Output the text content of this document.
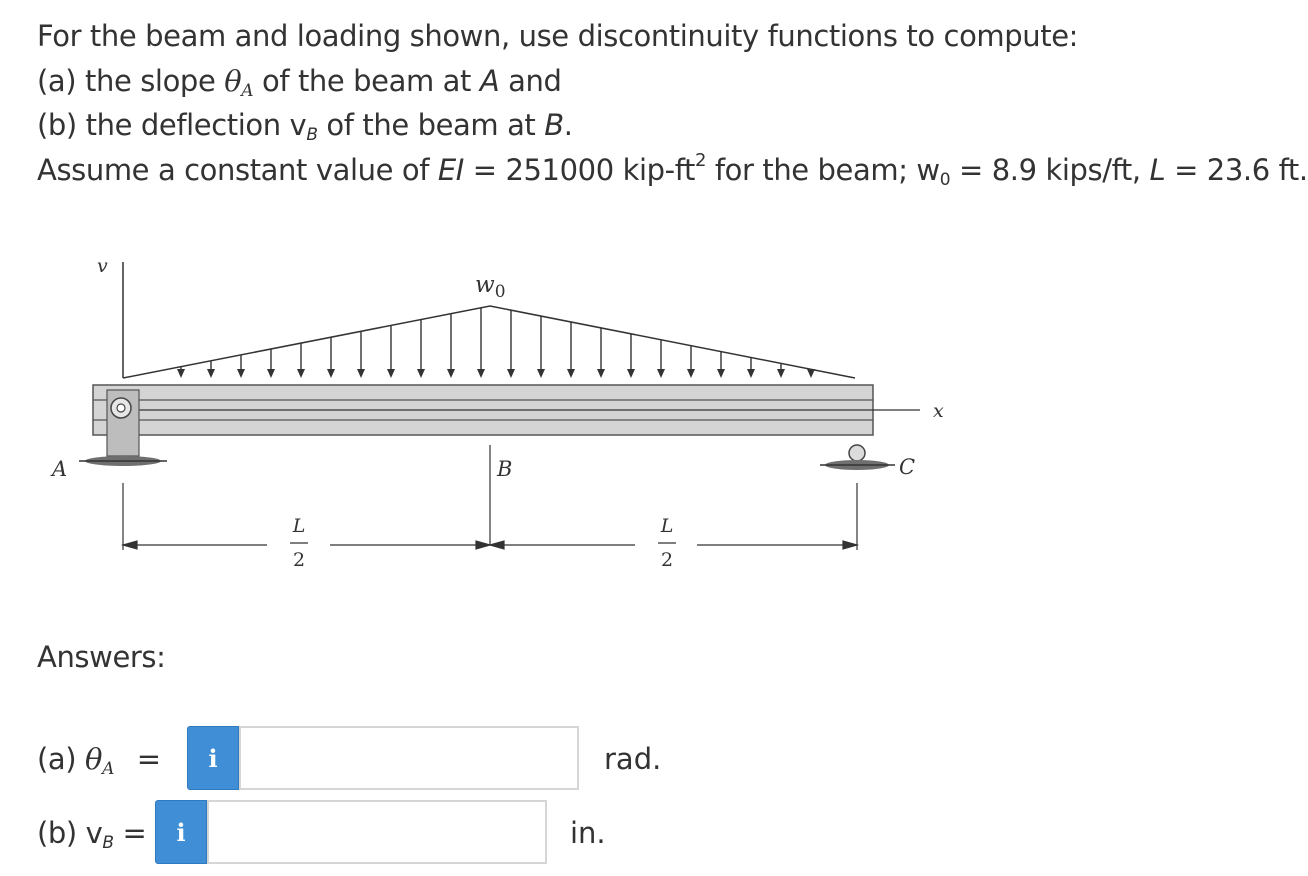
For the beam and loading shown, use discontinuity functions to compute:
(a) the slope $\theta_A$ of the beam at A and
(b) the deflection $v_B$ of the beam at B.
Assume a constant value of EI = 251000 kip-$ft^2$ for the beam; $w_0 = 8.9$ kips/ft, L = 23.6 ft.
v
$w_0$
x
A	C
B
L
2
L
2
Answers:
(a) $\theta_A$ =	i	rad.
(b) $v_B$ =	i	in.
